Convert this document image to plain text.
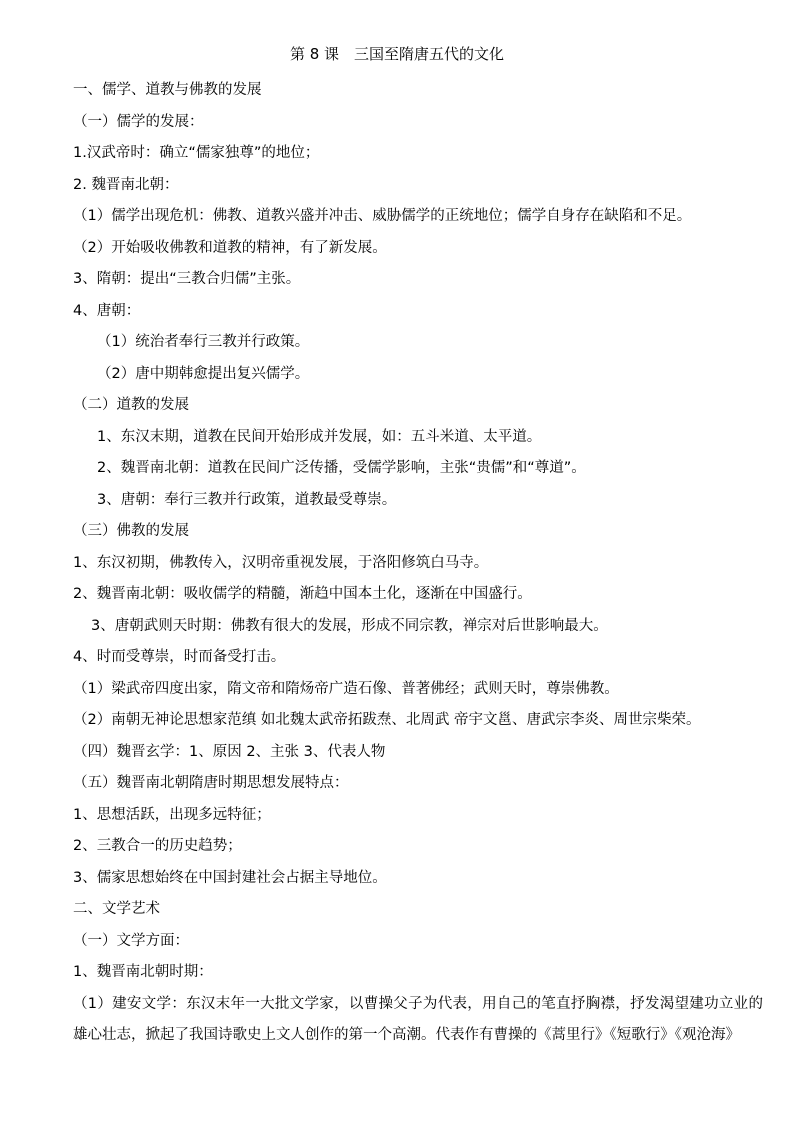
第 8 课　三国至隋唐五代的文化
一、儒学、道教与佛教的发展
（一）儒学的发展：
1.汉武帝时：确立“儒家独尊”的地位；
2. 魏晋南北朝：
（1）儒学出现危机：佛教、道教兴盛并冲击、威胁儒学的正统地位；儒学自身存在缺陷和不足。
（2）开始吸收佛教和道教的精神，有了新发展。
3、隋朝：提出“三教合归儒”主张。
4、唐朝：
（1）统治者奉行三教并行政策。
（2）唐中期韩愈提出复兴儒学。
（二）道教的发展
1、东汉末期，道教在民间开始形成并发展，如：五斗米道、太平道。
2、魏晋南北朝：道教在民间广泛传播，受儒学影响，主张“贵儒”和“尊道”。
3、唐朝：奉行三教并行政策，道教最受尊崇。
（三）佛教的发展
1、东汉初期，佛教传入，汉明帝重视发展，于洛阳修筑白马寺。
2、魏晋南北朝：吸收儒学的精髓，渐趋中国本土化，逐渐在中国盛行。
3、唐朝武则天时期：佛教有很大的发展，形成不同宗教，禅宗对后世影响最大。
4、时而受尊崇，时而备受打击。
（1）梁武帝四度出家，隋文帝和隋炀帝广造石像、普著佛经；武则天时，尊崇佛教。
（2）南朝无神论思想家范缜 如北魏太武帝拓跋焘、北周武 帝宇文邕、唐武宗李炎、周世宗柴荣。
（四）魏晋玄学：1、原因 2、主张 3、代表人物
（五）魏晋南北朝隋唐时期思想发展特点：
1、思想活跃，出现多远特征；
2、三教合一的历史趋势；
3、儒家思想始终在中国封建社会占据主导地位。
二、文学艺术
（一）文学方面：
1、魏晋南北朝时期：
（1）建安文学：东汉末年一大批文学家，以曹操父子为代表，用自己的笔直抒胸襟，抒发渴望建功立业的雄心壮志，掀起了我国诗歌史上文人创作的第一个高潮。代表作有曹操的《蒿里行》《短歌行》《观沧海》
